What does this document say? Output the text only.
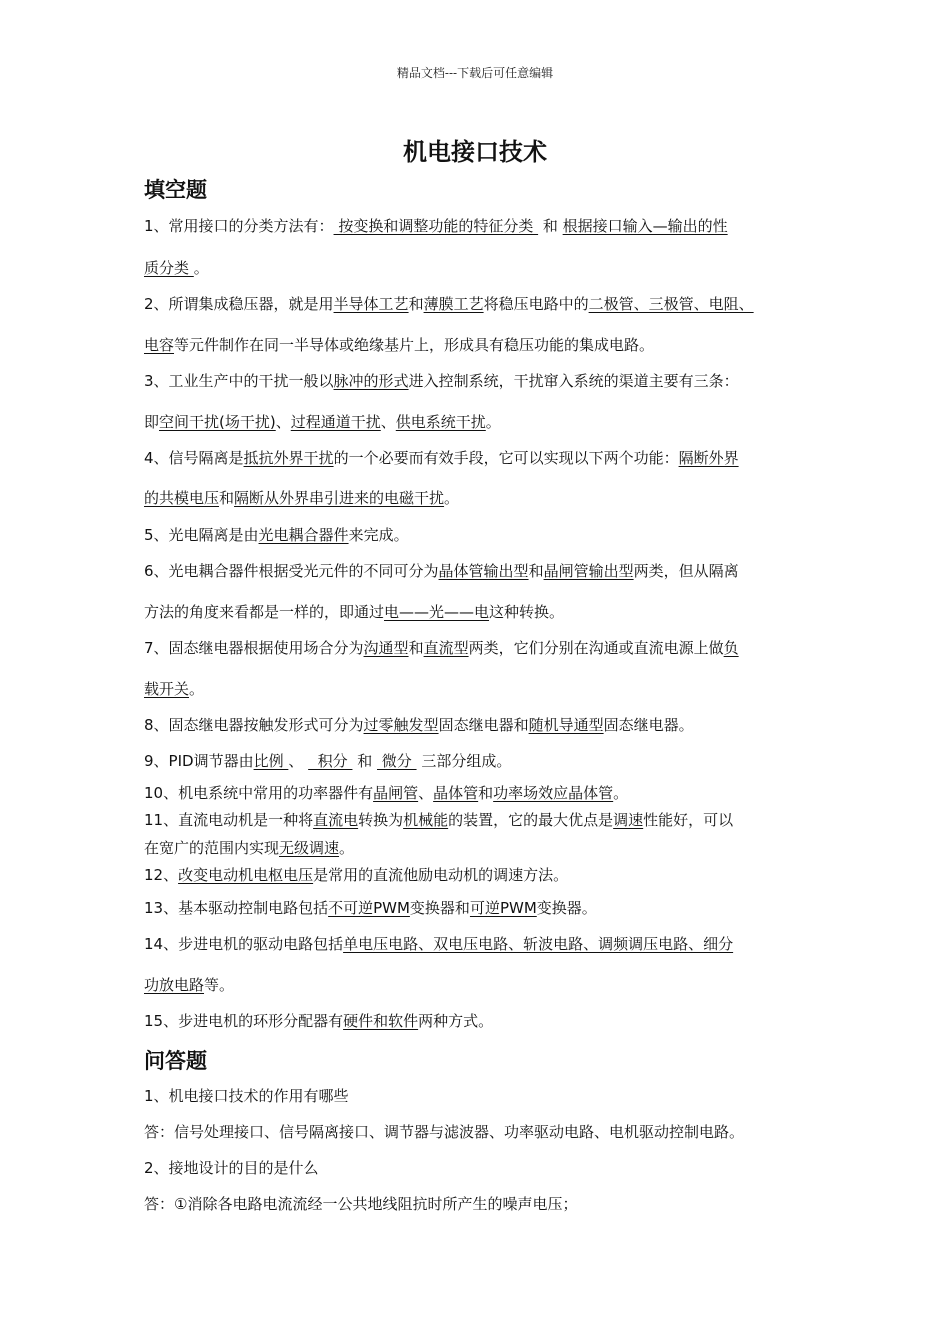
精品文档---下载后可任意编辑
机电接口技术
填空题
问答题
1、常用接口的分类方法有： 按变换和调整功能的特征分类  和 根据接口输入—输出的性
质分类 。
2、所谓集成稳压器，就是用半导体工艺和薄膜工艺将稳压电路中的二极管、三极管、电阻、
电容等元件制作在同一半导体或绝缘基片上，形成具有稳压功能的集成电路。
3、工业生产中的干扰一般以脉冲的形式进入控制系统，干扰窜入系统的渠道主要有三条：
即空间干扰(场干扰)、过程通道干扰、供电系统干扰。
4、信号隔离是抵抗外界干扰的一个必要而有效手段，它可以实现以下两个功能：隔断外界
的共模电压和隔断从外界串引进来的电磁干扰。
5、光电隔离是由光电耦合器件来完成。
6、光电耦合器件根据受光元件的不同可分为晶体管输出型和晶闸管输出型两类，但从隔离
方法的角度来看都是一样的，即通过电——光——电这种转换。
7、固态继电器根据使用场合分为沟通型和直流型两类，它们分别在沟通或直流电源上做负
载开关。
8、固态继电器按触发形式可分为过零触发型固态继电器和随机导通型固态继电器。
9、PID调节器由比例 、   积分  和  微分  三部分组成。
10、机电系统中常用的功率器件有晶闸管、晶体管和功率场效应晶体管。
11、直流电动机是一种将直流电转换为机械能的装置，它的最大优点是调速性能好，可以
在宽广的范围内实现无级调速。
12、改变电动机电枢电压是常用的直流他励电动机的调速方法。
13、基本驱动控制电路包括不可逆PWM变换器和可逆PWM变换器。
14、步进电机的驱动电路包括单电压电路、双电压电路、斩波电路、调频调压电路、细分
功放电路等。
15、步进电机的环形分配器有硬件和软件两种方式。
1、机电接口技术的作用有哪些
答：信号处理接口、信号隔离接口、调节器与滤波器、功率驱动电路、电机驱动控制电路。
2、接地设计的目的是什么
答：①消除各电路电流流经一公共地线阻抗时所产生的噪声电压；
